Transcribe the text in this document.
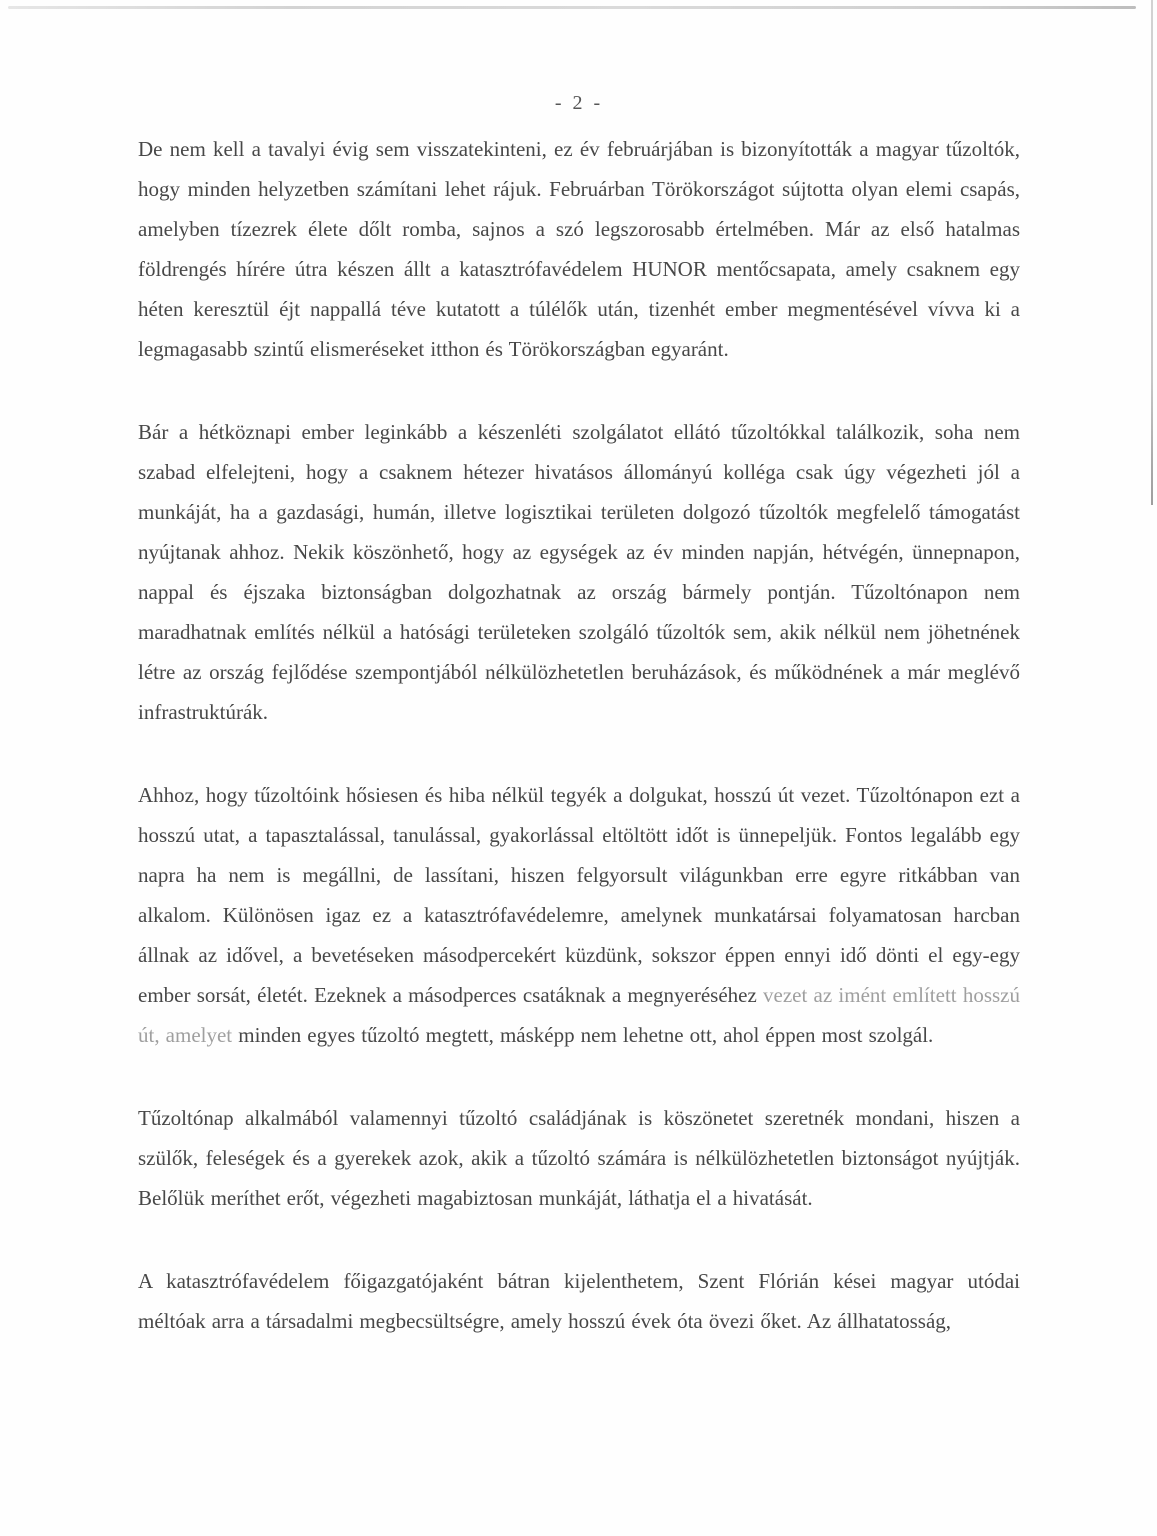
- 2 -

De nem kell a tavalyi évig sem visszatekinteni, ez év februárjában is bizonyították a magyar tűzoltók, hogy minden helyzetben számítani lehet rájuk. Februárban Törökországot sújtotta olyan elemi csapás, amelyben tízezrek élete dőlt romba, sajnos a szó legszorosabb értelmében. Már az első hatalmas földrengés hírére útra készen állt a katasztrófavédelem HUNOR mentőcsapata, amely csaknem egy héten keresztül éjt nappallá téve kutatott a túlélők után, tizenhét ember megmentésével vívva ki a legmagasabb szintű elismeréseket itthon és Törökországban egyaránt.

Bár a hétköznapi ember leginkább a készenléti szolgálatot ellátó tűzoltókkal találkozik, soha nem szabad elfelejteni, hogy a csaknem hétezer hivatásos állományú kolléga csak úgy végezheti jól a munkáját, ha a gazdasági, humán, illetve logisztikai területen dolgozó tűzoltók megfelelő támogatást nyújtanak ahhoz. Nekik köszönhető, hogy az egységek az év minden napján, hétvégén, ünnepnapon, nappal és éjszaka biztonságban dolgozhatnak az ország bármely pontján. Tűzoltónapon nem maradhatnak említés nélkül a hatósági területeken szolgáló tűzoltók sem, akik nélkül nem jöhetnének létre az ország fejlődése szempontjából nélkülözhetetlen beruházások, és működnének a már meglévő infrastruktúrák.

Ahhoz, hogy tűzoltóink hősiesen és hiba nélkül tegyék a dolgukat, hosszú út vezet. Tűzoltónapon ezt a hosszú utat, a tapasztalással, tanulással, gyakorlással eltöltött időt is ünnepeljük. Fontos legalább egy napra ha nem is megállni, de lassítani, hiszen felgyorsult világunkban erre egyre ritkábban van alkalom. Különösen igaz ez a katasztrófavédelemre, amelynek munkatársai folyamatosan harcban állnak az idővel, a bevetéseken másodpercekért küzdünk, sokszor éppen ennyi idő dönti el egy-egy ember sorsát, életét. Ezeknek a másodperces csatáknak a megnyeréséhez vezet az imént említett hosszú út, amelyet minden egyes tűzoltó megtett, másképp nem lehetne ott, ahol éppen most szolgál.

Tűzoltónap alkalmából valamennyi tűzoltó családjának is köszönetet szeretnék mondani, hiszen a szülők, feleségek és a gyerekek azok, akik a tűzoltó számára is nélkülözhetetlen biztonságot nyújtják. Belőlük meríthet erőt, végezheti magabiztosan munkáját, láthatja el a hivatását.

A katasztrófavédelem főigazgatójaként bátran kijelenthetem, Szent Flórián kései magyar utódai méltóak arra a társadalmi megbecsültségre, amely hosszú évek óta övezi őket. Az állhatatosság,
